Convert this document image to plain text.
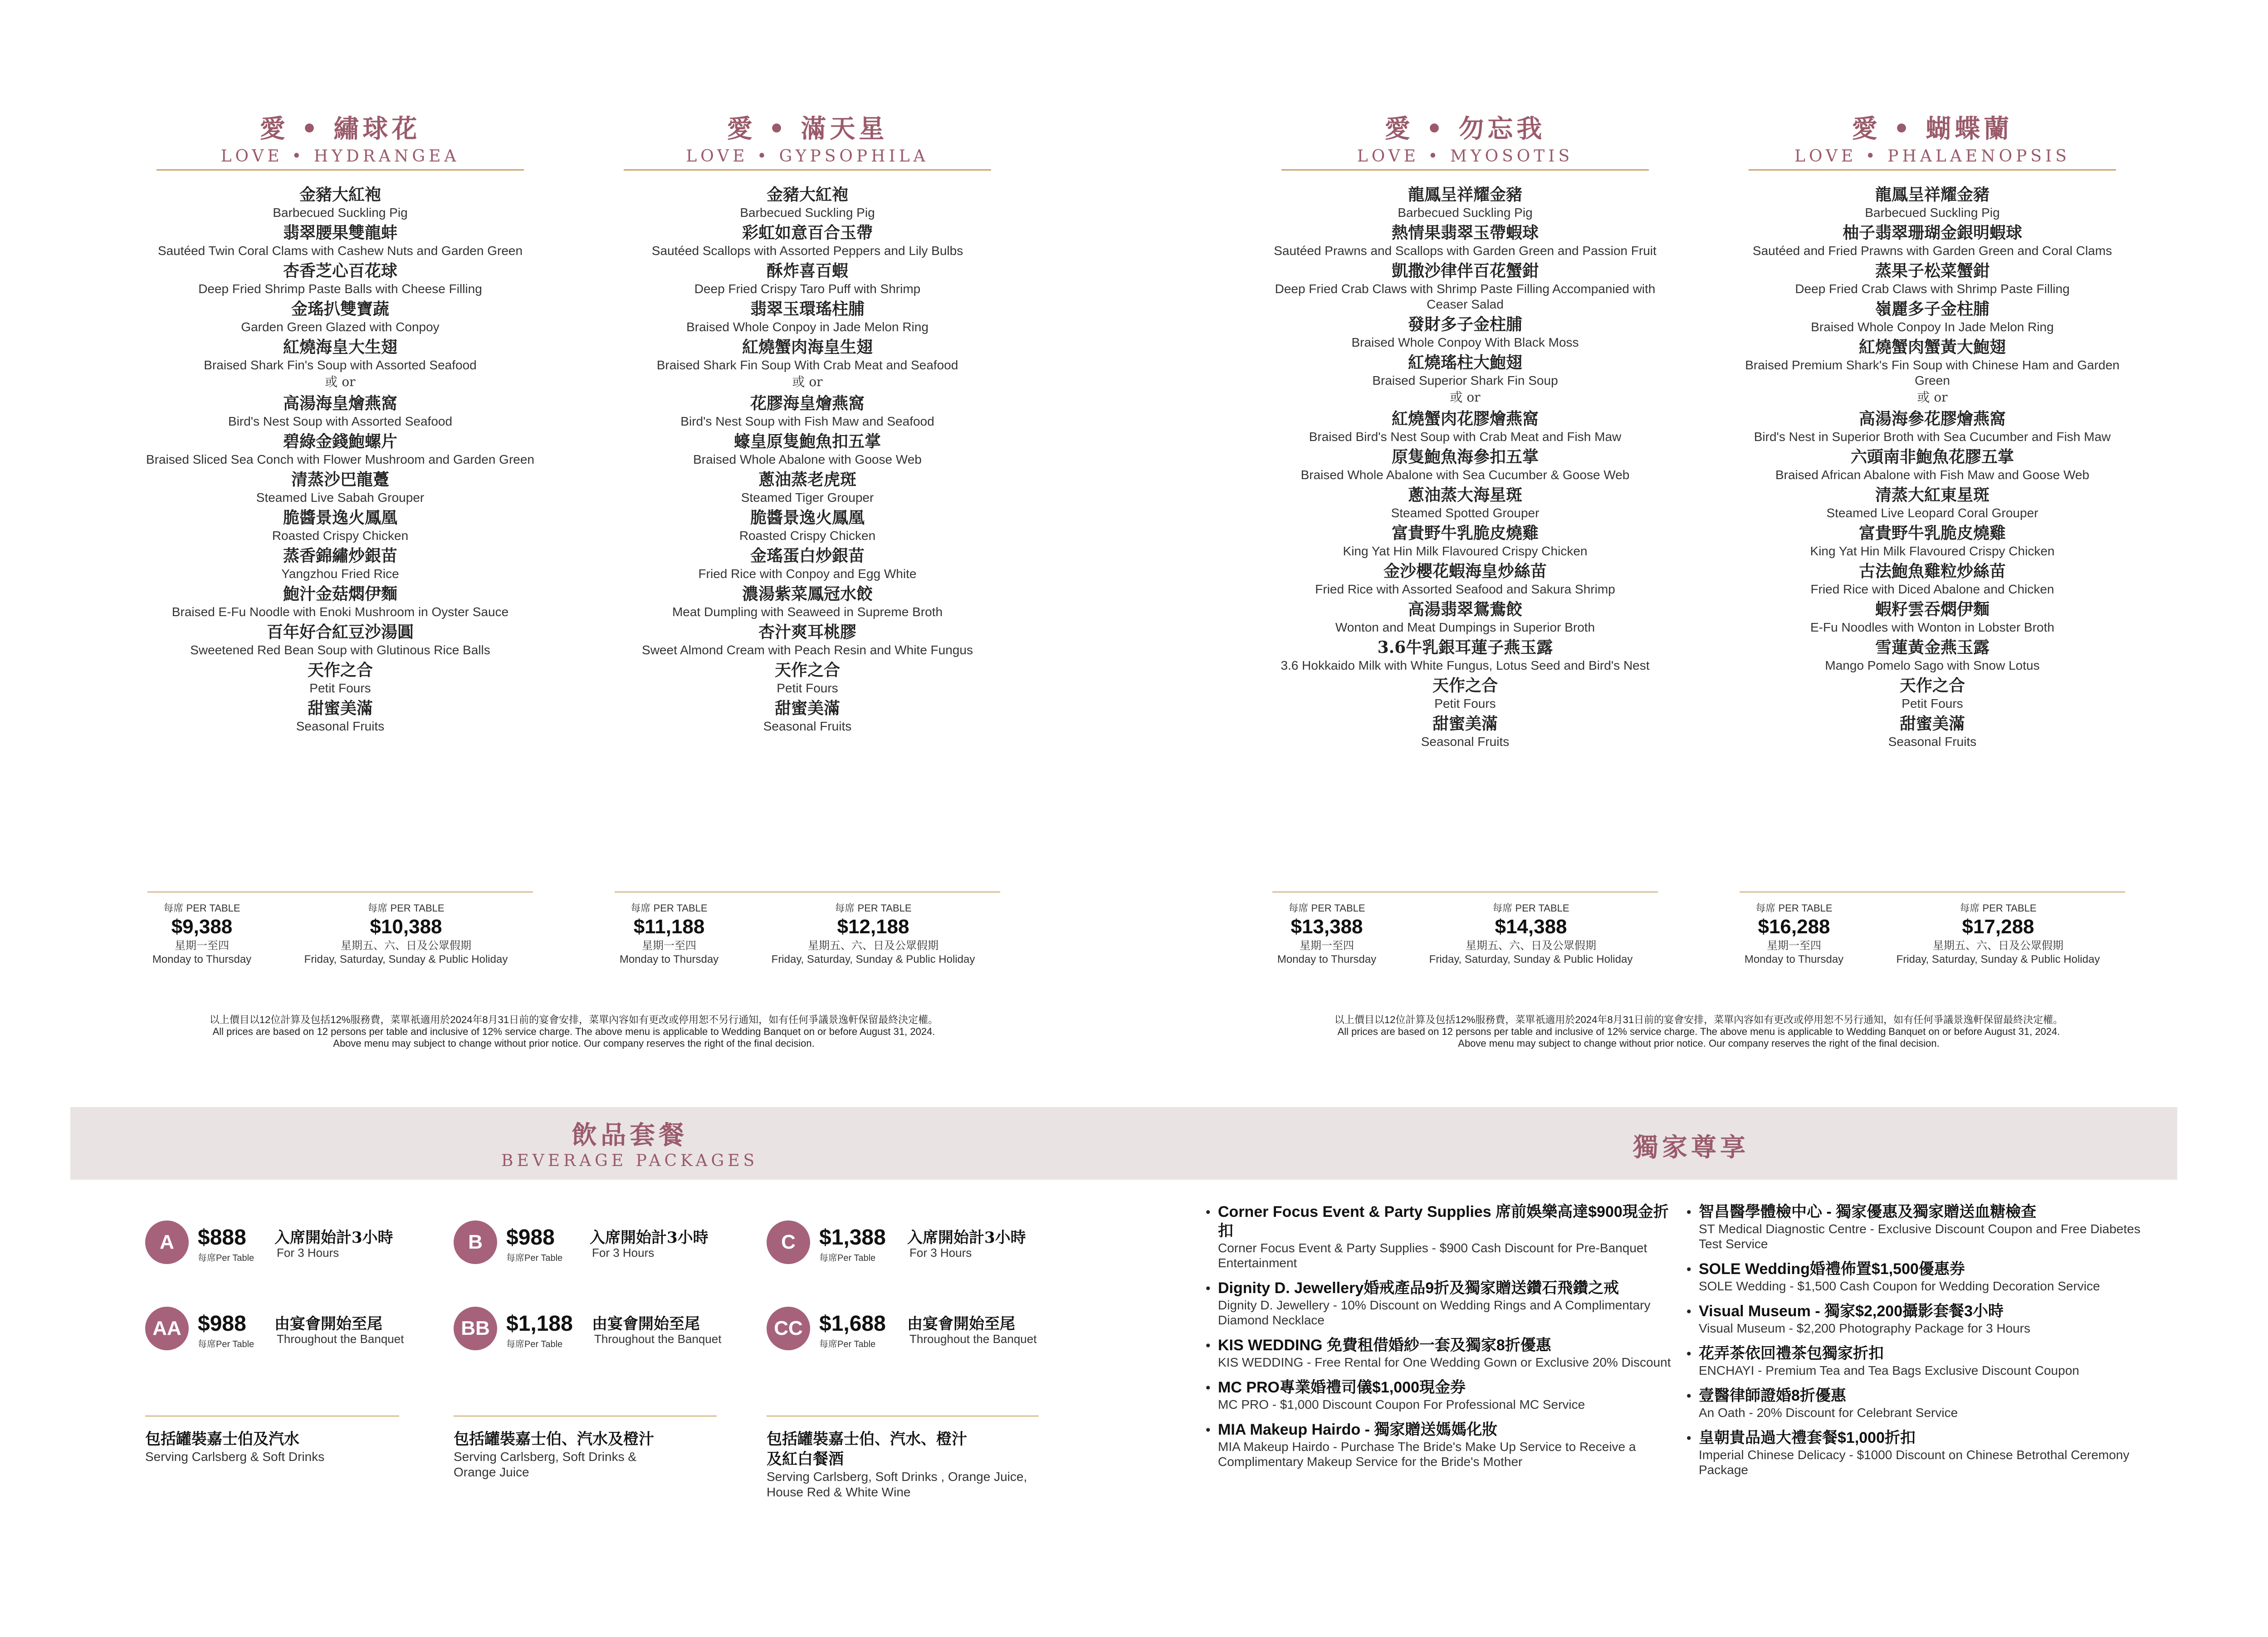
愛 • 繡球花
LOVE • HYDRANGEA
金豬大紅袍
Barbecued Suckling Pig
翡翠腰果雙龍蚌
Sautéed Twin Coral Clams with Cashew Nuts and Garden Green
杏香芝心百花球
Deep Fried Shrimp Paste Balls with Cheese Filling
金瑤扒雙寶蔬
Garden Green Glazed with Conpoy
紅燒海皇大生翅
Braised Shark Fin's Soup with Assorted Seafood
或 or
高湯海皇燴燕窩
Bird's Nest Soup with Assorted Seafood
碧綠金錢鮑螺片
Braised Sliced Sea Conch with Flower Mushroom and Garden Green
清蒸沙巴龍躉
Steamed Live Sabah Grouper
脆醬景逸火鳳凰
Roasted Crispy Chicken
蒸香錦繡炒銀苗
Yangzhou Fried Rice
鮑汁金菇燜伊麵
Braised E-Fu Noodle with Enoki Mushroom in Oyster Sauce
百年好合紅豆沙湯圓
Sweetened Red Bean Soup with Glutinous Rice Balls
天作之合
Petit Fours
甜蜜美滿
Seasonal Fruits
愛 • 滿天星
LOVE • GYPSOPHILA
金豬大紅袍
Barbecued Suckling Pig
彩虹如意百合玉帶
Sautéed Scallops with Assorted Peppers and Lily Bulbs
酥炸喜百蝦
Deep Fried Crispy Taro Puff with Shrimp
翡翠玉環瑤柱脯
Braised Whole Conpoy in Jade Melon Ring
紅燒蟹肉海皇生翅
Braised Shark Fin Soup With Crab Meat and Seafood
或 or
花膠海皇燴燕窩
Bird's Nest Soup with Fish Maw and Seafood
蠔皇原隻鮑魚扣五掌
Braised Whole Abalone with Goose Web
蔥油蒸老虎斑
Steamed Tiger Grouper
脆醬景逸火鳳凰
Roasted Crispy Chicken
金瑤蛋白炒銀苗
Fried Rice with Conpoy and Egg White
濃湯紫菜鳳冠水餃
Meat Dumpling with Seaweed in Supreme Broth
杏汁爽耳桃膠
Sweet Almond Cream with Peach Resin and White Fungus
天作之合
Petit Fours
甜蜜美滿
Seasonal Fruits
愛 • 勿忘我
LOVE • MYOSOTIS
龍鳳呈祥耀金豬
Barbecued Suckling Pig
熱情果翡翠玉帶蝦球
Sautéed Prawns and Scallops with Garden Green and Passion Fruit
凱撒沙律伴百花蟹鉗
Deep Fried Crab Claws with Shrimp Paste Filling Accompanied with Ceaser Salad
發財多子金柱脯
Braised Whole Conpoy With Black Moss
紅燒瑤柱大鮑翅
Braised Superior Shark Fin Soup
或 or
紅燒蟹肉花膠燴燕窩
Braised Bird's Nest Soup with Crab Meat and Fish Maw
原隻鮑魚海參扣五掌
Braised Whole Abalone with Sea Cucumber & Goose Web
蔥油蒸大海星斑
Steamed Spotted Grouper
富貴野牛乳脆皮燒雞
King Yat Hin Milk Flavoured Crispy Chicken
金沙櫻花蝦海皇炒絲苗
Fried Rice with Assorted Seafood and Sakura Shrimp
高湯翡翠鴛鴦餃
Wonton and Meat Dumpings in Superior Broth
3.6牛乳銀耳蓮子燕玉露
3.6 Hokkaido Milk with White Fungus, Lotus Seed and Bird's Nest
天作之合
Petit Fours
甜蜜美滿
Seasonal Fruits
愛 • 蝴蝶蘭
LOVE • PHALAENOPSIS
龍鳳呈祥耀金豬
Barbecued Suckling Pig
柚子翡翠珊瑚金銀明蝦球
Sautéed and Fried Prawns with Garden Green and Coral Clams
蒸果子松菜蟹鉗
Deep Fried Crab Claws with Shrimp Paste Filling
嶺麗多子金柱脯
Braised Whole Conpoy In Jade Melon Ring
紅燒蟹肉蟹黃大鮑翅
Braised Premium Shark's Fin Soup with Chinese Ham and Garden Green
或 or
高湯海參花膠燴燕窩
Bird's Nest in Superior Broth with Sea Cucumber and Fish Maw
六頭南非鮑魚花膠五掌
Braised African Abalone with Fish Maw and Goose Web
清蒸大紅東星斑
Steamed Live Leopard Coral Grouper
富貴野牛乳脆皮燒雞
King Yat Hin Milk Flavoured Crispy Chicken
古法鮑魚雞粒炒絲苗
Fried Rice with Diced Abalone and Chicken
蝦籽雲吞燜伊麵
E-Fu Noodles with Wonton in Lobster Broth
雪蓮黃金燕玉露
Mango Pomelo Sago with Snow Lotus
天作之合
Petit Fours
甜蜜美滿
Seasonal Fruits
每席 PER TABLE
$9,388
星期一至四
Monday to Thursday
每席 PER TABLE
$10,388
星期五、六、日及公眾假期
Friday, Saturday, Sunday & Public Holiday
每席 PER TABLE
$11,188
星期一至四
Monday to Thursday
每席 PER TABLE
$12,188
星期五、六、日及公眾假期
Friday, Saturday, Sunday & Public Holiday
每席 PER TABLE
$13,388
星期一至四
Monday to Thursday
每席 PER TABLE
$14,388
星期五、六、日及公眾假期
Friday, Saturday, Sunday & Public Holiday
每席 PER TABLE
$16,288
星期一至四
Monday to Thursday
每席 PER TABLE
$17,288
星期五、六、日及公眾假期
Friday, Saturday, Sunday & Public Holiday
以上價目以12位計算及包括12%服務費，菜單祇適用於2024年8月31日前的宴會安排，菜單內容如有更改或停用恕不另行通知，如有任何爭議景逸軒保留最終決定權。
All prices are based on 12 persons per table and inclusive of 12% service charge. The above menu is applicable to Wedding Banquet on or before August 31, 2024.
Above menu may subject to change without prior notice. Our company reserves the right of the final decision.
以上價目以12位計算及包括12%服務費，菜單祇適用於2024年8月31日前的宴會安排，菜單內容如有更改或停用恕不另行通知，如有任何爭議景逸軒保留最終決定權。
All prices are based on 12 persons per table and inclusive of 12% service charge. The above menu is applicable to Wedding Banquet on or before August 31, 2024.
Above menu may subject to change without prior notice. Our company reserves the right of the final decision.
飲品套餐
BEVERAGE PACKAGES	獨家尊享
A	$888
每席Per Table
入席開始計3小時
For 3 Hours	B	$988
每席Per Table
入席開始計3小時
For 3 Hours	C	$1,388
每席Per Table
入席開始計3小時
For 3 Hours
AA $988
每席Per Table
由宴會開始至尾
Throughout the Banquet	BB $1,188
每席Per Table
由宴會開始至尾
Throughout the Banquet	CC $1,688
每席Per Table
由宴會開始至尾
Throughout the Banquet
包括罐裝嘉士伯及汽水
Serving Carlsberg & Soft Drinks
包括罐裝嘉士伯、汽水及橙汁
Serving Carlsberg, Soft Drinks & Orange Juice
包括罐裝嘉士伯、汽水、橙汁及紅白餐酒
Serving Carlsberg, Soft Drinks , Orange Juice, House Red & White Wine
• Corner Focus Event & Party Supplies 席前娛樂高達$900現金折扣
Corner Focus Event & Party Supplies - $900 Cash Discount for Pre-Banquet Entertainment
• Dignity D. Jewellery婚戒產品9折及獨家贈送鑽石飛鑽之戒
Dignity D. Jewellery - 10% Discount on Wedding Rings and A Complimentary Diamond Necklace
• KIS WEDDING 免費租借婚紗一套及獨家8折優惠
KIS WEDDING - Free Rental for One Wedding Gown or Exclusive 20% Discount
• MC PRO專業婚禮司儀$1,000現金券
MC PRO - $1,000 Discount Coupon For Professional MC Service
• MIA Makeup Hairdo - 獨家贈送媽媽化妝
MIA Makeup Hairdo - Purchase The Bride's Make Up Service to Receive a Complimentary Makeup Service for the Bride's Mother
• 智昌醫學體檢中心 - 獨家優惠及獨家贈送血糖檢查
ST Medical Diagnostic Centre - Exclusive Discount Coupon and Free Diabetes Test Service
• SOLE Wedding婚禮佈置$1,500優惠券
SOLE Wedding - $1,500 Cash Coupon for Wedding Decoration Service
• Visual Museum - 獨家$2,200攝影套餐3小時
Visual Museum - $2,200 Photography Package for 3 Hours
• 花弄茶依回禮茶包獨家折扣
ENCHAYI - Premium Tea and Tea Bags Exclusive Discount Coupon
• 壹醫律師證婚8折優惠
An Oath - 20% Discount for Celebrant Service
• 皇朝貴品過大禮套餐$1,000折扣
Imperial Chinese Delicacy - $1000 Discount on Chinese Betrothal Ceremony Package
